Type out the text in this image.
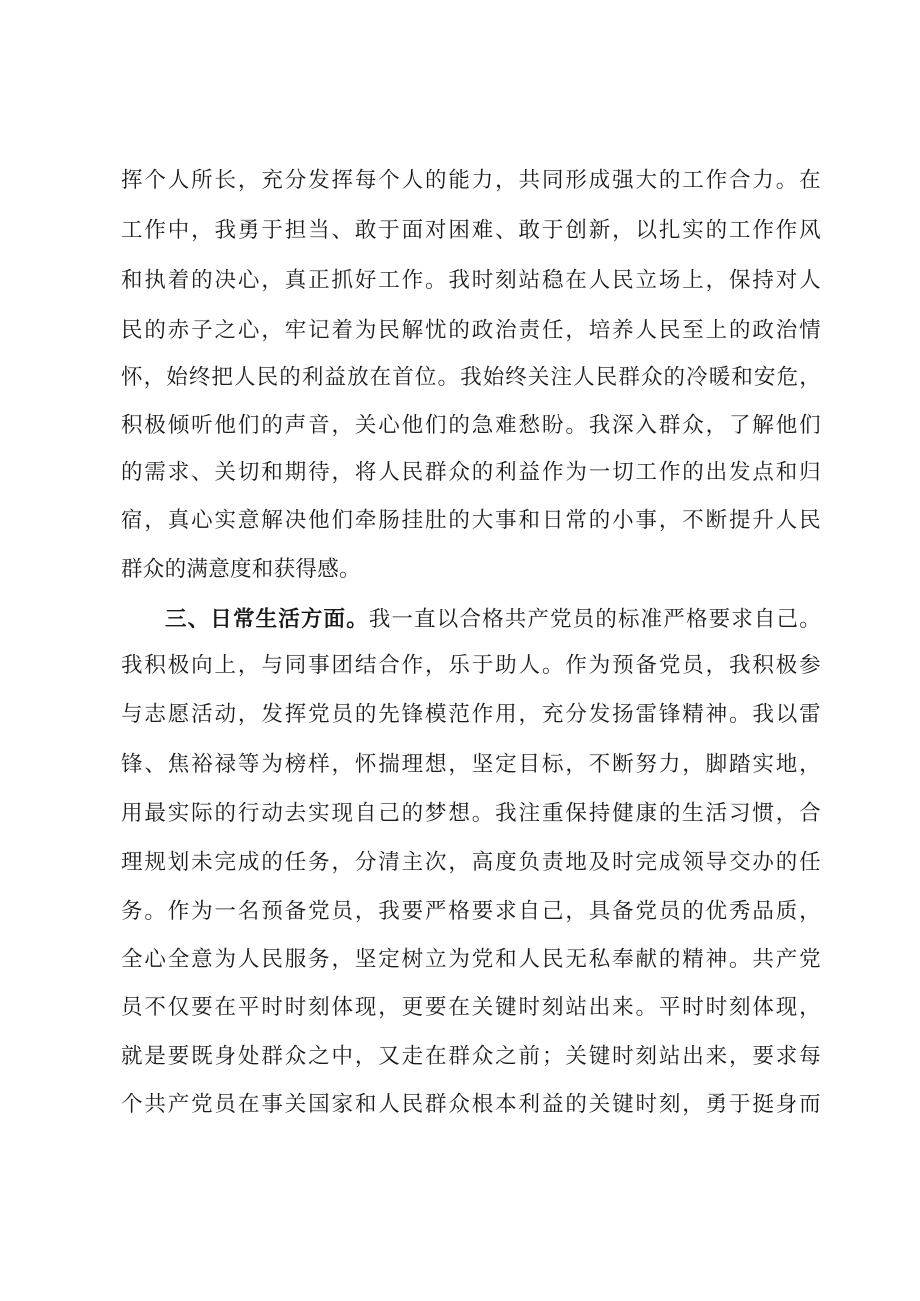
挥个人所长，充分发挥每个人的能力，共同形成强大的工作合力。在
工作中，我勇于担当、敢于面对困难、敢于创新，以扎实的工作作风
和执着的决心，真正抓好工作。我时刻站稳在人民立场上，保持对人
民的赤子之心，牢记着为民解忧的政治责任，培养人民至上的政治情
怀，始终把人民的利益放在首位。我始终关注人民群众的冷暖和安危，
积极倾听他们的声音，关心他们的急难愁盼。我深入群众，了解他们
的需求、关切和期待，将人民群众的利益作为一切工作的出发点和归
宿，真心实意解决他们牵肠挂肚的大事和日常的小事，不断提升人民
群众的满意度和获得感。
三、日常生活方面。我一直以合格共产党员的标准严格要求自己。
我积极向上，与同事团结合作，乐于助人。作为预备党员，我积极参
与志愿活动，发挥党员的先锋模范作用，充分发扬雷锋精神。我以雷
锋、焦裕禄等为榜样，怀揣理想，坚定目标，不断努力，脚踏实地，
用最实际的行动去实现自己的梦想。我注重保持健康的生活习惯，合
理规划未完成的任务，分清主次，高度负责地及时完成领导交办的任
务。作为一名预备党员，我要严格要求自己，具备党员的优秀品质，
全心全意为人民服务，坚定树立为党和人民无私奉献的精神。共产党
员不仅要在平时时刻体现，更要在关键时刻站出来。平时时刻体现，
就是要既身处群众之中，又走在群众之前；关键时刻站出来，要求每
个共产党员在事关国家和人民群众根本利益的关键时刻，勇于挺身而
